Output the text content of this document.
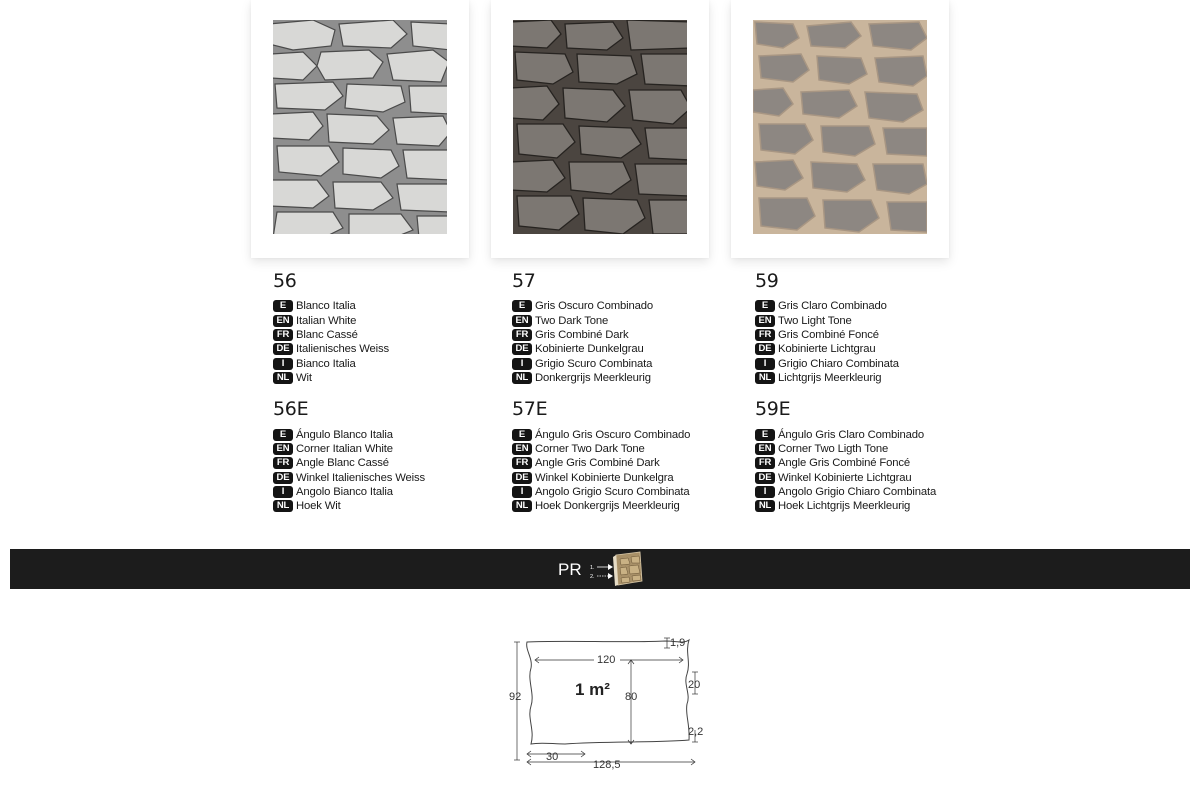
56
E Blanco Italia
EN Italian White
FR Blanc Cassé
DE Italienisches Weiss
I	Bianco Italia
NL Wit
56E
E Ángulo Blanco Italia
EN Corner Italian White
FR Angle Blanc Cassé
DE Winkel Italienisches Weiss
I	Angolo Bianco Italia
NL Hoek Wit
57
E Gris Oscuro Combinado
EN Two Dark Tone
FR Gris Combiné Dark
DE Kobinierte Dunkelgrau
I	Grigio Scuro Combinata
NL Donkergrijs Meerkleurig
57E
E Ángulo Gris Oscuro Combinado
EN Corner Two Dark Tone
FR Angle Gris Combiné Dark
DE Winkel Kobinierte Dunkelgra
I	Angolo Grigio Scuro Combinata
NL Hoek Donkergrijs Meerkleurig
59
E Gris Claro Combinado
EN Two Light Tone
FR Gris Combiné Foncé
DE Kobinierte Lichtgrau
I	Grigio Chiaro Combinata
NL Lichtgrijs Meerkleurig
59E
E Ángulo Gris Claro Combinado
EN Corner Two Ligth Tone
FR Angle Gris Combiné Foncé
DE Winkel Kobinierte Lichtgrau
I	Angolo Grigio Chiaro Combinata
NL Hoek Lichtgrijs Meerkleurig
PR 1.
2.
1 m²
120
80
92
1,9
20
2,2
30
128,5
